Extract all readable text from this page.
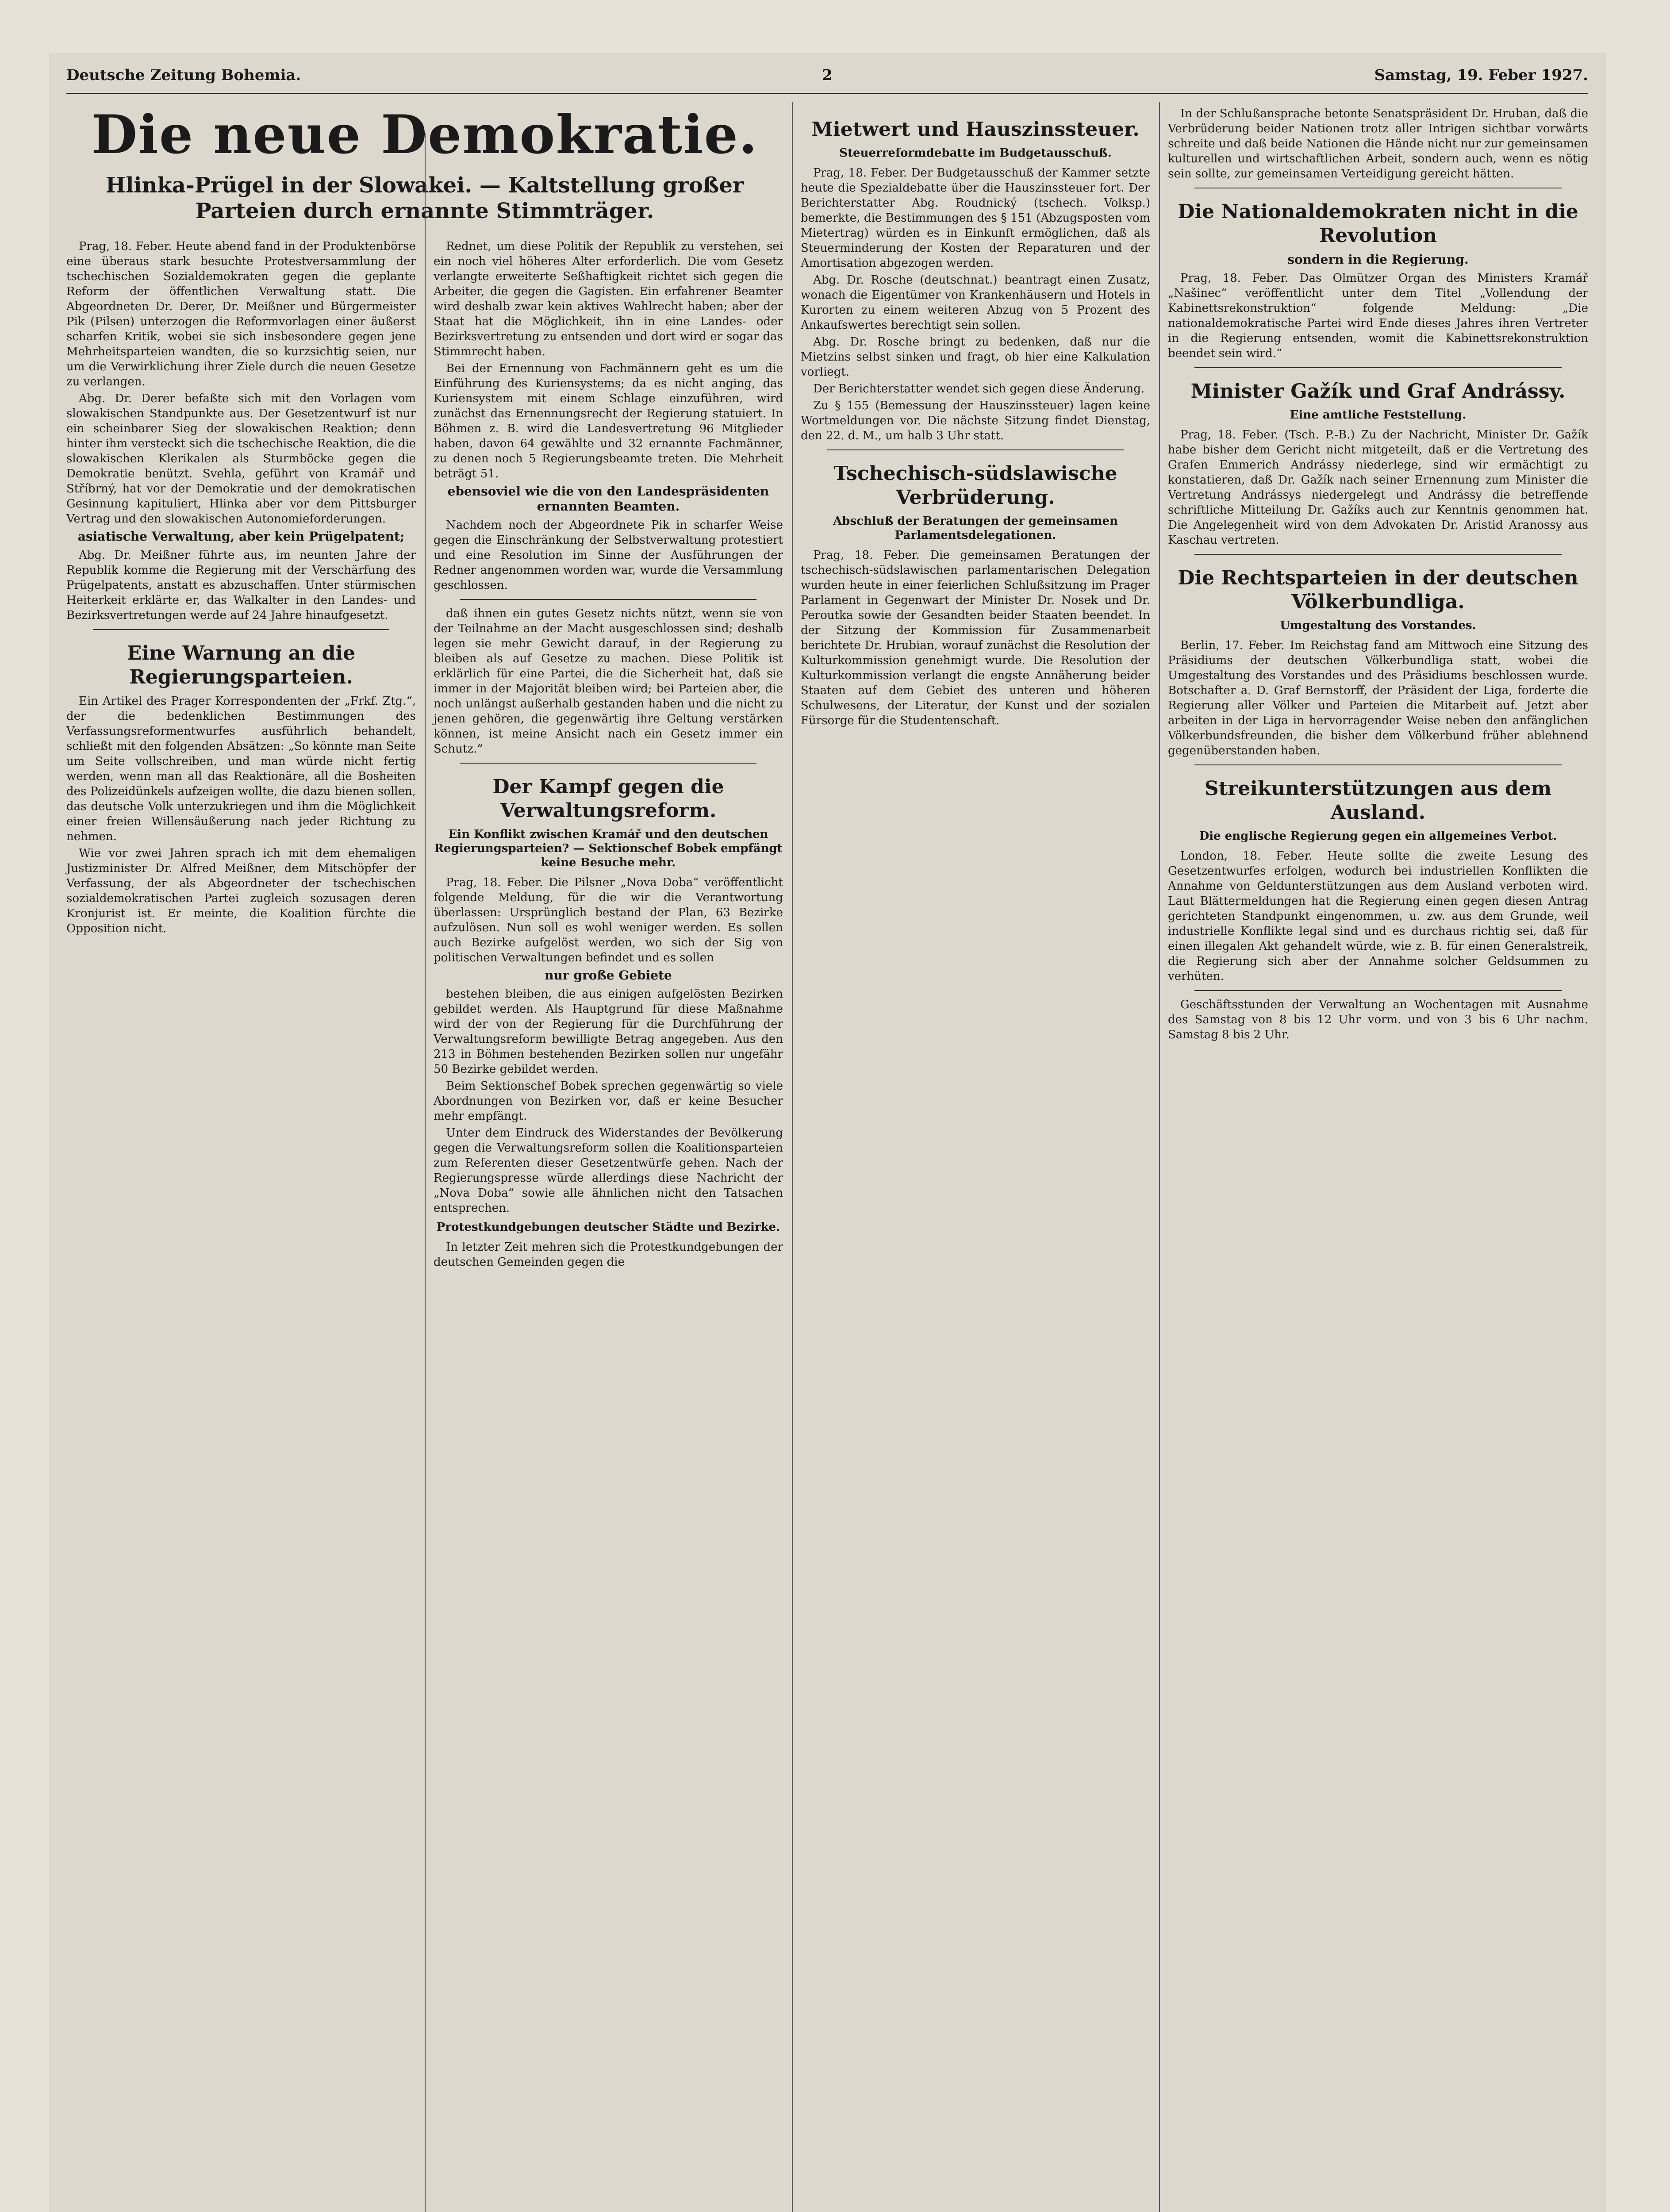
Deutsche Zeitung Bohemia.	2	Samstag, 19. Feber 1927.
Die neue Demokratie.
Hlinka-Prügel in der Slowakei. — Kaltstellung großer Parteien durch ernannte Stimmträger.

Prag, 18. Feber. Heute abend fand in der Produktenbörse eine überaus stark besuchte Protestversammlung der tschechischen Sozialdemokraten gegen die geplante Reform der öffentlichen Verwaltung statt. Die Abgeordneten Dr. Derer, Dr. Meißner und Bürgermeister Pik (Pilsen) unterzogen die Reformvorlagen einer äußerst scharfen Kritik, wobei sie sich insbesondere gegen jene Mehrheitsparteien wandten, die so kurzsichtig seien, nur um die Verwirklichung ihrer Ziele durch die neuen Gesetze zu verlangen.

Abg. Dr. Derer befaßte sich mit den Vorlagen vom slowakischen Standpunkte aus. Der Gesetzentwurf ist nur ein scheinbarer Sieg der slowakischen Reaktion; denn hinter ihm versteckt sich die tschechische Reaktion, die die slowakischen Klerikalen als Sturmböcke gegen die Demokratie benützt. Svehla, geführt von Kramář und Stříbrný, hat vor der Demokratie und der demokratischen Gesinnung kapituliert, Hlinka aber vor dem Pittsburger Vertrag und den slowakischen Autonomieforderungen.

asiatische Verwaltung, aber kein Prügelpatent;

Abg. Dr. Meißner führte aus, im neunten Jahre der Republik komme die Regierung mit der Verschärfung des Prügelpatents, anstatt es abzuschaffen. Unter stürmischen Heiterkeit erklärte er, das Walkalter in den Landes- und Bezirksvertretungen werde auf 24 Jahre hinaufgesetzt.

Eine Warnung an die Regierungsparteien.

Ein Artikel des Prager Korrespondenten der „Frkf. Ztg.“, der die bedenklichen Bestimmungen des Verfassungsreformentwurfes ausführlich behandelt, schließt mit den folgenden Absätzen: „So könnte man Seite um Seite vollschreiben, und man würde nicht fertig werden, wenn man all das Reaktionäre, all die Bosheiten des Polizeidünkels aufzeigen wollte, die dazu bienen sollen, das deutsche Volk unterzukriegen und ihm die Möglichkeit einer freien Willensäußerung nach jeder Richtung zu nehmen.

Wie vor zwei Jahren sprach ich mit dem ehemaligen Justizminister Dr. Alfred Meißner, dem Mitschöpfer der Verfassung, der als Abgeordneter der tschechischen sozialdemokratischen Partei zugleich sozusagen deren Kronjurist ist. Er meinte, die Koalition fürchte die Opposition nicht.

Rednet, um diese Politik der Republik zu verstehen, sei ein noch viel höheres Alter erforderlich. Die vom Gesetz verlangte erweiterte Seßhaftigkeit richtet sich gegen die Arbeiter, die gegen die Gagisten. Ein erfahrener Beamter wird deshalb zwar kein aktives Wahlrecht haben; aber der Staat hat die Möglichkeit, ihn in eine Landes- oder Bezirksvertretung zu entsenden und dort wird er sogar das Stimmrecht haben.

Bei der Ernennung von Fachmännern geht es um die Einführung des Kuriensystems; da es nicht anging, das Kuriensystem mit einem Schlage einzuführen, wird zunächst das Ernennungsrecht der Regierung statuiert. In Böhmen z. B. wird die Landesvertretung 96 Mitglieder haben, davon 64 gewählte und 32 ernannte Fachmänner, zu denen noch 5 Regierungsbeamte treten. Die Mehrheit beträgt 51.

ebensoviel wie die von den Landespräsidenten ernannten Beamten.

Nachdem noch der Abgeordnete Pik in scharfer Weise gegen die Einschränkung der Selbstverwaltung protestiert und eine Resolution im Sinne der Ausführungen der Redner angenommen worden war, wurde die Versammlung geschlossen.

daß ihnen ein gutes Gesetz nichts nützt, wenn sie von der Teilnahme an der Macht ausgeschlossen sind; deshalb legen sie mehr Gewicht darauf, in der Regierung zu bleiben als auf Gesetze zu machen. Diese Politik ist erklärlich für eine Partei, die die Sicherheit hat, daß sie immer in der Majorität bleiben wird; bei Parteien aber, die noch unlängst außerhalb gestanden haben und die nicht zu jenen gehören, die gegenwärtig ihre Geltung verstärken können, ist meine Ansicht nach ein Gesetz immer ein Schutz.“

Der Kampf gegen die Verwaltungsreform.
Ein Konflikt zwischen Kramář und den deutschen Regierungsparteien? — Sektionschef Bobek empfängt keine Besuche mehr.

Prag, 18. Feber. Die Pilsner „Nova Doba“ veröffentlicht folgende Meldung, für die wir die Verantwortung überlassen: Ursprünglich bestand der Plan, 63 Bezirke aufzulösen. Nun soll es wohl weniger werden. Es sollen auch Bezirke aufgelöst werden, wo sich der Sig von politischen Verwaltungen befindet und es sollen

nur große Gebiete

bestehen bleiben, die aus einigen aufgelösten Bezirken gebildet werden. Als Hauptgrund für diese Maßnahme wird der von der Regierung für die Durchführung der Verwaltungsreform bewilligte Betrag angegeben. Aus den 213 in Böhmen bestehenden Bezirken sollen nur ungefähr 50 Bezirke gebildet werden.

Beim Sektionschef Bobek sprechen gegenwärtig so viele Abordnungen von Bezirken vor, daß er keine Besucher mehr empfängt.

Unter dem Eindruck des Widerstandes der Bevölkerung gegen die Verwaltungsreform sollen die Koalitionsparteien zum Referenten dieser Gesetzentwürfe gehen. Nach der Regierungspresse würde allerdings diese Nachricht der „Nova Doba“ sowie alle ähnlichen nicht den Tatsachen entsprechen.

Protestkundgebungen deutscher Städte und Bezirke.

In letzter Zeit mehren sich die Protestkundgebungen der deutschen Gemeinden gegen die

Mietwert und Hauszinssteuer.
Steuerreformdebatte im Budgetausschuß.

Prag, 18. Feber. Der Budgetausschuß der Kammer setzte heute die Spezialdebatte über die Hauszinssteuer fort. Der Berichterstatter Abg. Roudnický (tschech. Volksp.) bemerkte, die Bestimmungen des § 151 (Abzugsposten vom Mietertrag) würden es in Einkunft ermöglichen, daß als Steuerminderung der Kosten der Reparaturen und der Amortisation abgezogen werden.

Abg. Dr. Rosche (deutschnat.) beantragt einen Zusatz, wonach die Eigentümer von Krankenhäusern und Hotels in Kurorten zu einem weiteren Abzug von 5 Prozent des Ankaufswertes berechtigt sein sollen.

Abg. Dr. Rosche bringt zu bedenken, daß nur die Mietzins selbst sinken und fragt, ob hier eine Kalkulation vorliegt.

Der Berichterstatter wendet sich gegen diese Änderung.

Zu § 155 (Bemessung der Hauszinssteuer) lagen keine Wortmeldungen vor. Die nächste Sitzung findet Dienstag, den 22. d. M., um halb 3 Uhr statt.

Tschechisch-südslawische Verbrüderung.
Abschluß der Beratungen der gemeinsamen Parlamentsdelegationen.

Prag, 18. Feber. Die gemeinsamen Beratungen der tschechisch-südslawischen parlamentarischen Delegation wurden heute in einer feierlichen Schlußsitzung im Prager Parlament in Gegenwart der Minister Dr. Nosek und Dr. Peroutka sowie der Gesandten beider Staaten beendet. In der Sitzung der Kommission für Zusammenarbeit berichtete Dr. Hrubian, worauf zunächst die Resolution der Kulturkommission genehmigt wurde. Die Resolution der Kulturkommission verlangt die engste Annäherung beider Staaten auf dem Gebiet des unteren und höheren Schulwesens, der Literatur, der Kunst und der sozialen Fürsorge für die Studentenschaft.

In der Schlußansprache betonte Senatspräsident Dr. Hruban, daß die Verbrüderung beider Nationen trotz aller Intrigen sichtbar vorwärts schreite und daß beide Nationen die Hände nicht nur zur gemeinsamen kulturellen und wirtschaftlichen Arbeit, sondern auch, wenn es nötig sein sollte, zur gemeinsamen Verteidigung gereicht hätten.

Die Nationaldemokraten nicht in die Revolution
sondern in die Regierung.

Prag, 18. Feber. Das Olmützer Organ des Ministers Kramář „Našinec“ veröffentlicht unter dem Titel „Vollendung der Kabinettsrekonstruktion“ folgende Meldung: „Die nationaldemokratische Partei wird Ende dieses Jahres ihren Vertreter in die Regierung entsenden, womit die Kabinettsrekonstruktion beendet sein wird.“

Minister Gažík und Graf Andrássy.
Eine amtliche Feststellung.

Prag, 18. Feber. (Tsch. P.-B.) Zu der Nachricht, Minister Dr. Gažík habe bisher dem Gericht nicht mitgeteilt, daß er die Vertretung des Grafen Emmerich Andrássy niederlege, sind wir ermächtigt zu konstatieren, daß Dr. Gažík nach seiner Ernennung zum Minister die Vertretung Andrássys niedergelegt und Andrássy die betreffende schriftliche Mitteilung Dr. Gažíks auch zur Kenntnis genommen hat. Die Angelegenheit wird von dem Advokaten Dr. Aristid Aranossy aus Kaschau vertreten.

Die Rechtsparteien in der deutschen Völkerbundliga.
Umgestaltung des Vorstandes.

Berlin, 17. Feber. Im Reichstag fand am Mittwoch eine Sitzung des Präsidiums der deutschen Völkerbundliga statt, wobei die Umgestaltung des Vorstandes und des Präsidiums beschlossen wurde. Botschafter a. D. Graf Bernstorff, der Präsident der Liga, forderte die Regierung aller Völker und Parteien die Mitarbeit auf. Jetzt aber arbeiten in der Liga in hervorragender Weise neben den anfänglichen Völkerbundsfreunden, die bisher dem Völkerbund früher ablehnend gegenüberstanden haben.

Streikunterstützungen aus dem Ausland.
Die englische Regierung gegen ein allgemeines Verbot.

London, 18. Feber. Heute sollte die zweite Lesung des Gesetzentwurfes erfolgen, wodurch bei industriellen Konflikten die Annahme von Geldunterstützungen aus dem Ausland verboten wird. Laut Blättermeldungen hat die Regierung einen gegen diesen Antrag gerichteten Standpunkt eingenommen, u. zw. aus dem Grunde, weil industrielle Konflikte legal sind und es durchaus richtig sei, daß für einen illegalen Akt gehandelt würde, wie z. B. für einen Generalstreik, die Regierung sich aber der Annahme solcher Geldsummen zu verhüten.

Geschäftsstunden der Verwaltung an Wochentagen mit Ausnahme des Samstag von 8 bis 12 Uhr vorm. und von 3 bis 6 Uhr nachm. Samstag 8 bis 2 Uhr.
